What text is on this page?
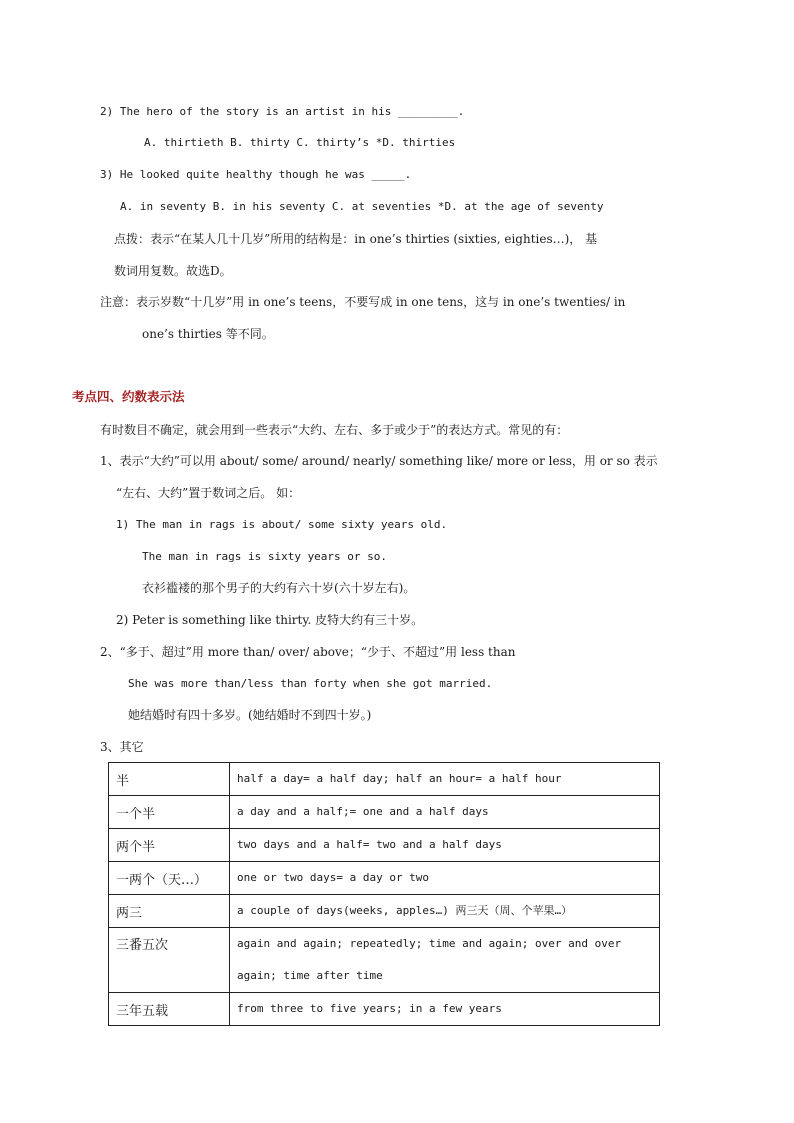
2) The hero of the story is an artist in his _________.
A. thirtieth B. thirty C. thirty’s *D. thirties
3) He looked quite healthy though he was _____.
A. in seventy B. in his seventy C. at seventies *D. at the age of seventy
点拨：表示“在某人几十几岁”所用的结构是：in one’s thirties (sixties, eighties…)， 基
数词用复数。故选D。
注意：表示岁数“十几岁”用 in one’s teens，不要写成 in one tens，这与 in one’s twenties/ in
one’s thirties 等不同。
考点四、约数表示法
有时数目不确定，就会用到一些表示“大约、左右、多于或少于”的表达方式。常见的有：
1、表示“大约”可以用 about/ some/ around/ nearly/ something like/ more or less，用 or so 表示
“左右、大约”置于数词之后。 如：
1) The man in rags is about/ some sixty years old.
The man in rags is sixty years or so.
衣衫褴褛的那个男子的大约有六十岁(六十岁左右)。
2) Peter is something like thirty. 皮特大约有三十岁。
2、“多于、超过”用 more than/ over/ above；“少于、不超过”用 less than
She was more than/less than forty when she got married.
她结婚时有四十多岁。(她结婚时不到四十岁。)
3、其它
半	half a day= a half day; half an hour= a half hour
一个半	a day and a half;= one and a half days
两个半	two days and a half= two and a half days
一两个（天…）	one or two days= a day or two
两三	a couple of days(weeks, apples…) 两三天（周、个苹果…）
三番五次	again and again; repeatedly; time and again; over and over again; time after time

三年五载	from three to five years; in a few years
